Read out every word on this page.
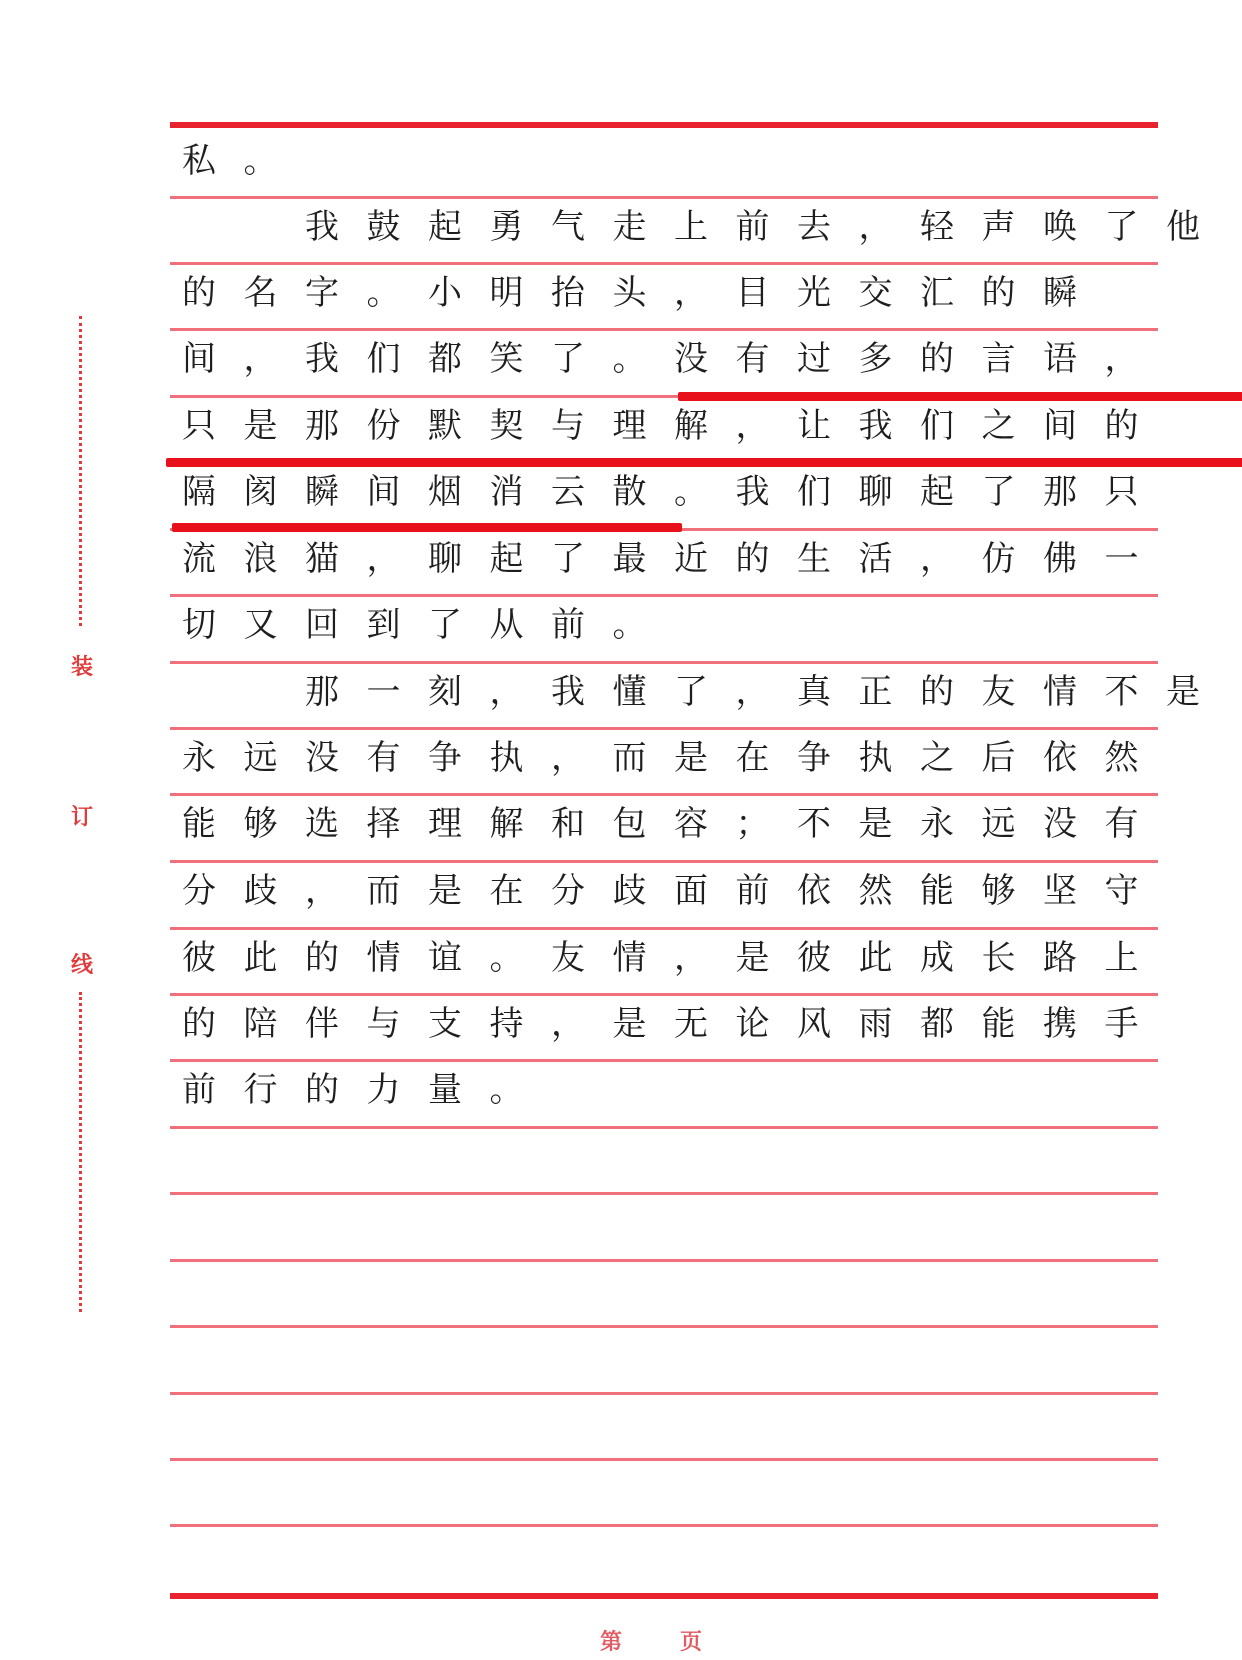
装
订
线
私。
　　我鼓起勇气走上前去，轻声唤了他
的名字。小明抬头，目光交汇的瞬
间，我们都笑了。没有过多的言语，
只是那份默契与理解，让我们之间的
隔阂瞬间烟消云散。我们聊起了那只
流浪猫，聊起了最近的生活，仿佛一
切又回到了从前。
　　那一刻，我懂了，真正的友情不是
永远没有争执，而是在争执之后依然
能够选择理解和包容；不是永远没有
分歧，而是在分歧面前依然能够坚守
彼此的情谊。友情，是彼此成长路上
的陪伴与支持，是无论风雨都能携手
前行的力量。
第	页
